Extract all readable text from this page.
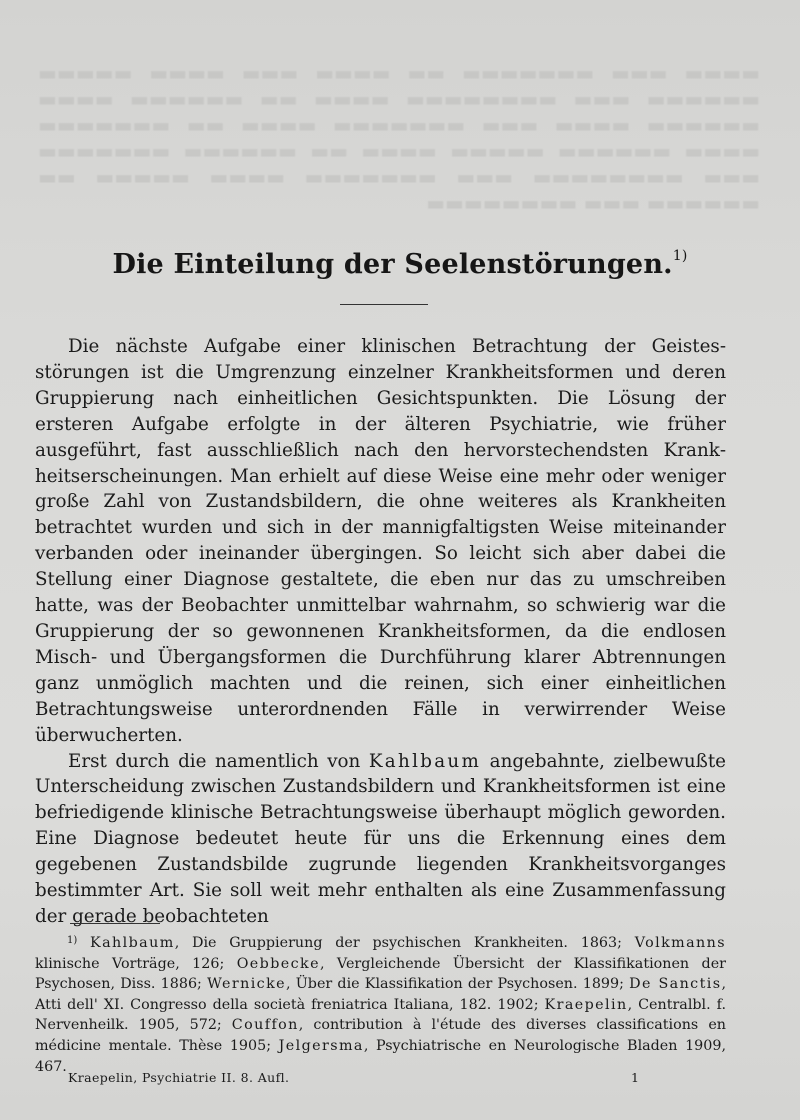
▬▬▬▬ ▬▬▬ ▬▬▬▬▬▬▬ ▬▬ ▬▬▬▬ ▬▬▬ ▬▬▬▬ ▬▬▬▬▬ ▬▬▬▬▬▬ ▬▬▬ ▬▬▬▬▬▬▬▬ ▬▬▬▬ ▬▬ ▬▬▬▬▬▬ ▬▬▬▬ ▬▬▬▬▬▬ ▬▬▬▬ ▬▬▬ ▬▬▬▬▬▬▬ ▬▬▬▬ ▬▬ ▬▬▬▬▬▬▬ ▬▬▬▬ ▬▬▬▬▬▬ ▬▬▬▬▬ ▬▬▬▬ ▬▬ ▬▬▬▬▬▬ ▬▬▬▬▬▬▬ ▬▬▬ ▬▬▬▬▬▬▬▬ ▬▬▬ ▬▬▬▬▬▬▬ ▬▬▬▬ ▬▬▬▬▬ ▬▬ ▬▬▬▬▬▬ ▬▬▬ ▬▬▬▬▬▬▬▬
Die Einteilung der Seelenstörungen.$^{1)}$

Die nächste Aufgabe einer klinischen Betrachtung der Geistesstörungen ist die Umgrenzung einzelner Krankheitsformen und deren Gruppierung nach einheitlichen Gesichtspunkten. Die Lösung der ersteren Aufgabe erfolgte in der älteren Psychiatrie, wie früher ausgeführt, fast ausschließlich nach den hervorstechendsten Krankheitserscheinungen. Man erhielt auf diese Weise eine mehr oder weniger große Zahl von Zustandsbildern, die ohne weiteres als Krankheiten betrachtet wurden und sich in der mannigfaltigsten Weise miteinander verbanden oder ineinander übergingen. So leicht sich aber dabei die Stellung einer Diagnose gestaltete, die eben nur das zu umschreiben hatte, was der Beobachter unmittelbar wahrnahm, so schwierig war die Gruppierung der so gewonnenen Krankheitsformen, da die endlosen Misch- und Übergangsformen die Durchführung klarer Abtrennungen ganz unmöglich machten und die reinen, sich einer einheitlichen Betrachtungsweise unterordnenden Fälle in verwirrender Weise überwucherten.

Erst durch die namentlich von Kahlbaum angebahnte, zielbewußte Unterscheidung zwischen Zustandsbildern und Krankheitsformen ist eine befriedigende klinische Betrachtungsweise überhaupt möglich geworden. Eine Diagnose bedeutet heute für uns die Erkennung eines dem gegebenen Zustandsbilde zugrunde liegenden Krankheitsvorganges bestimmter Art. Sie soll weit mehr enthalten als eine Zusammenfassung der gerade beobachteten

$^{1)}$ Kahlbaum, Die Gruppierung der psychischen Krankheiten. 1863; Volkmanns klinische Vorträge, 126; Oebbecke, Vergleichende Übersicht der Klassifikationen der Psychosen, Diss. 1886; Wernicke, Über die Klassifikation der Psychosen. 1899; De Sanctis, Atti dell' XI. Congresso della società freniatrica Italiana, 182. 1902; Kraepelin, Centralbl. f. Nervenheilk. 1905, 572; Couffon, contribution à l'étude des diverses classifications en médicine mentale. Thèse 1905; Jelgersma, Psychiatrische en Neurologische Bladen 1909, 467.

Kraepelin, Psychiatrie II. 8. Aufl.	1
